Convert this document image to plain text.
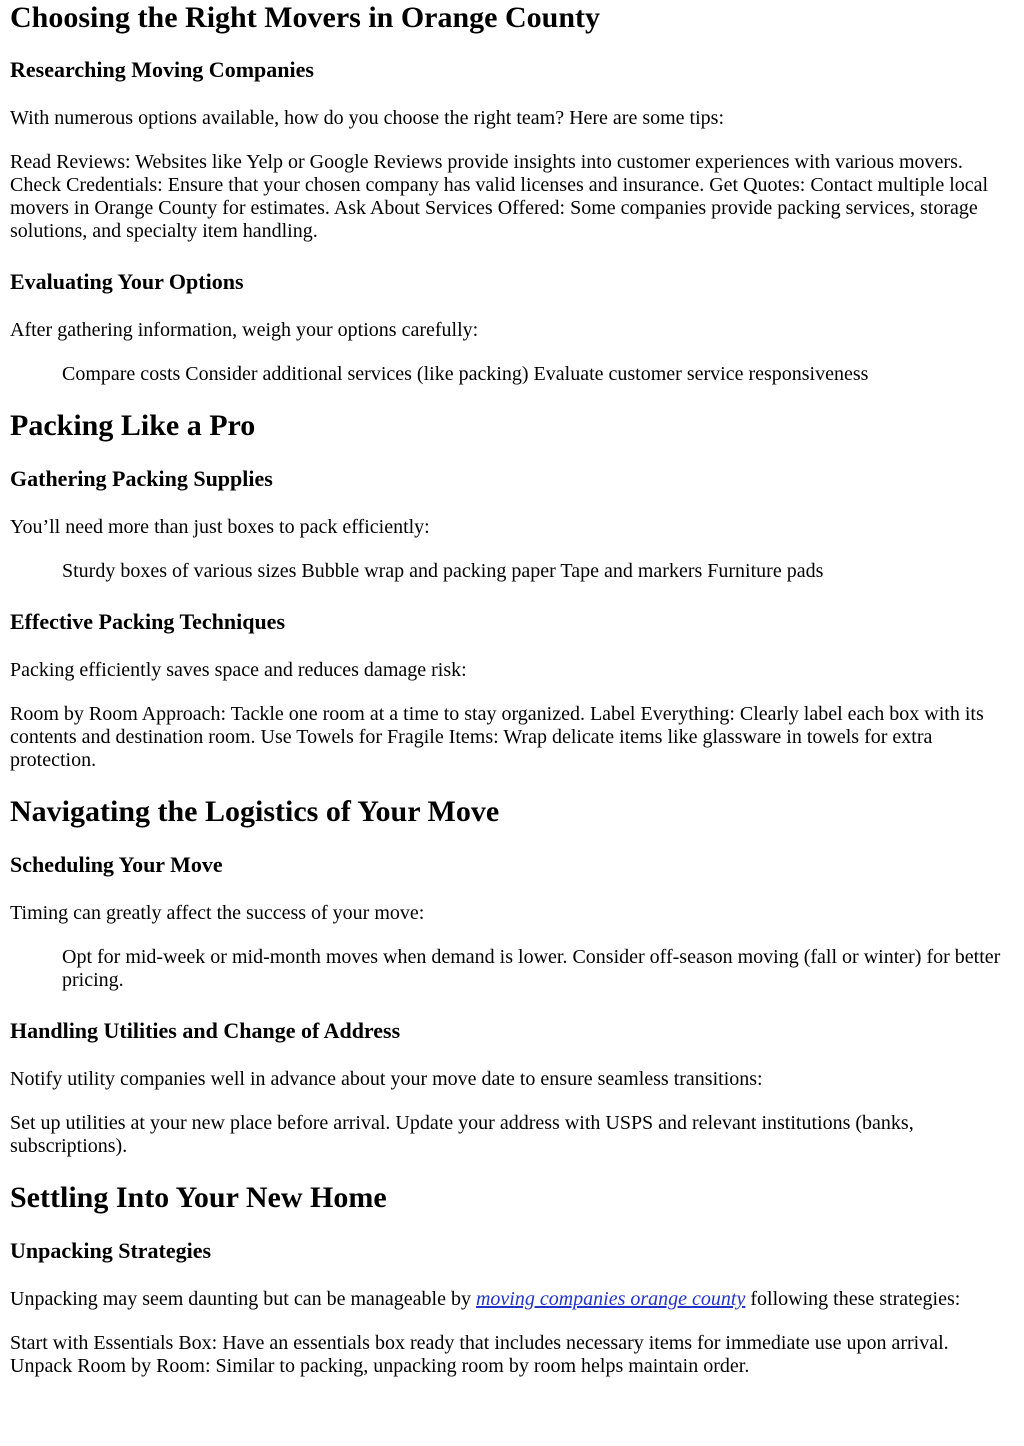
Choosing the Right Movers in Orange County
Researching Moving Companies

With numerous options available, how do you choose the right team? Here are some tips:

Read Reviews: Websites like Yelp or Google Reviews provide insights into customer experiences with various movers. Check Credentials: Ensure that your chosen company has valid licenses and insurance. Get Quotes: Contact multiple local movers in Orange County for estimates. Ask About Services Offered: Some companies provide packing services, storage solutions, and specialty item handling.

Evaluating Your Options

After gathering information, weigh your options carefully:

Compare costs Consider additional services (like packing) Evaluate customer service responsiveness

Packing Like a Pro
Gathering Packing Supplies

You’ll need more than just boxes to pack efficiently:

Sturdy boxes of various sizes Bubble wrap and packing paper Tape and markers Furniture pads

Effective Packing Techniques

Packing efficiently saves space and reduces damage risk:

Room by Room Approach: Tackle one room at a time to stay organized. Label Everything: Clearly label each box with its contents and destination room. Use Towels for Fragile Items: Wrap delicate items like glassware in towels for extra protection.

Navigating the Logistics of Your Move
Scheduling Your Move

Timing can greatly affect the success of your move:

Opt for mid-week or mid-month moves when demand is lower. Consider off-season moving (fall or winter) for better pricing.

Handling Utilities and Change of Address

Notify utility companies well in advance about your move date to ensure seamless transitions:

Set up utilities at your new place before arrival. Update your address with USPS and relevant institutions (banks, subscriptions).

Settling Into Your New Home
Unpacking Strategies

Unpacking may seem daunting but can be manageable by moving companies orange county following these strategies:

Start with Essentials Box: Have an essentials box ready that includes necessary items for immediate use upon arrival. Unpack Room by Room: Similar to packing, unpacking room by room helps maintain order.
